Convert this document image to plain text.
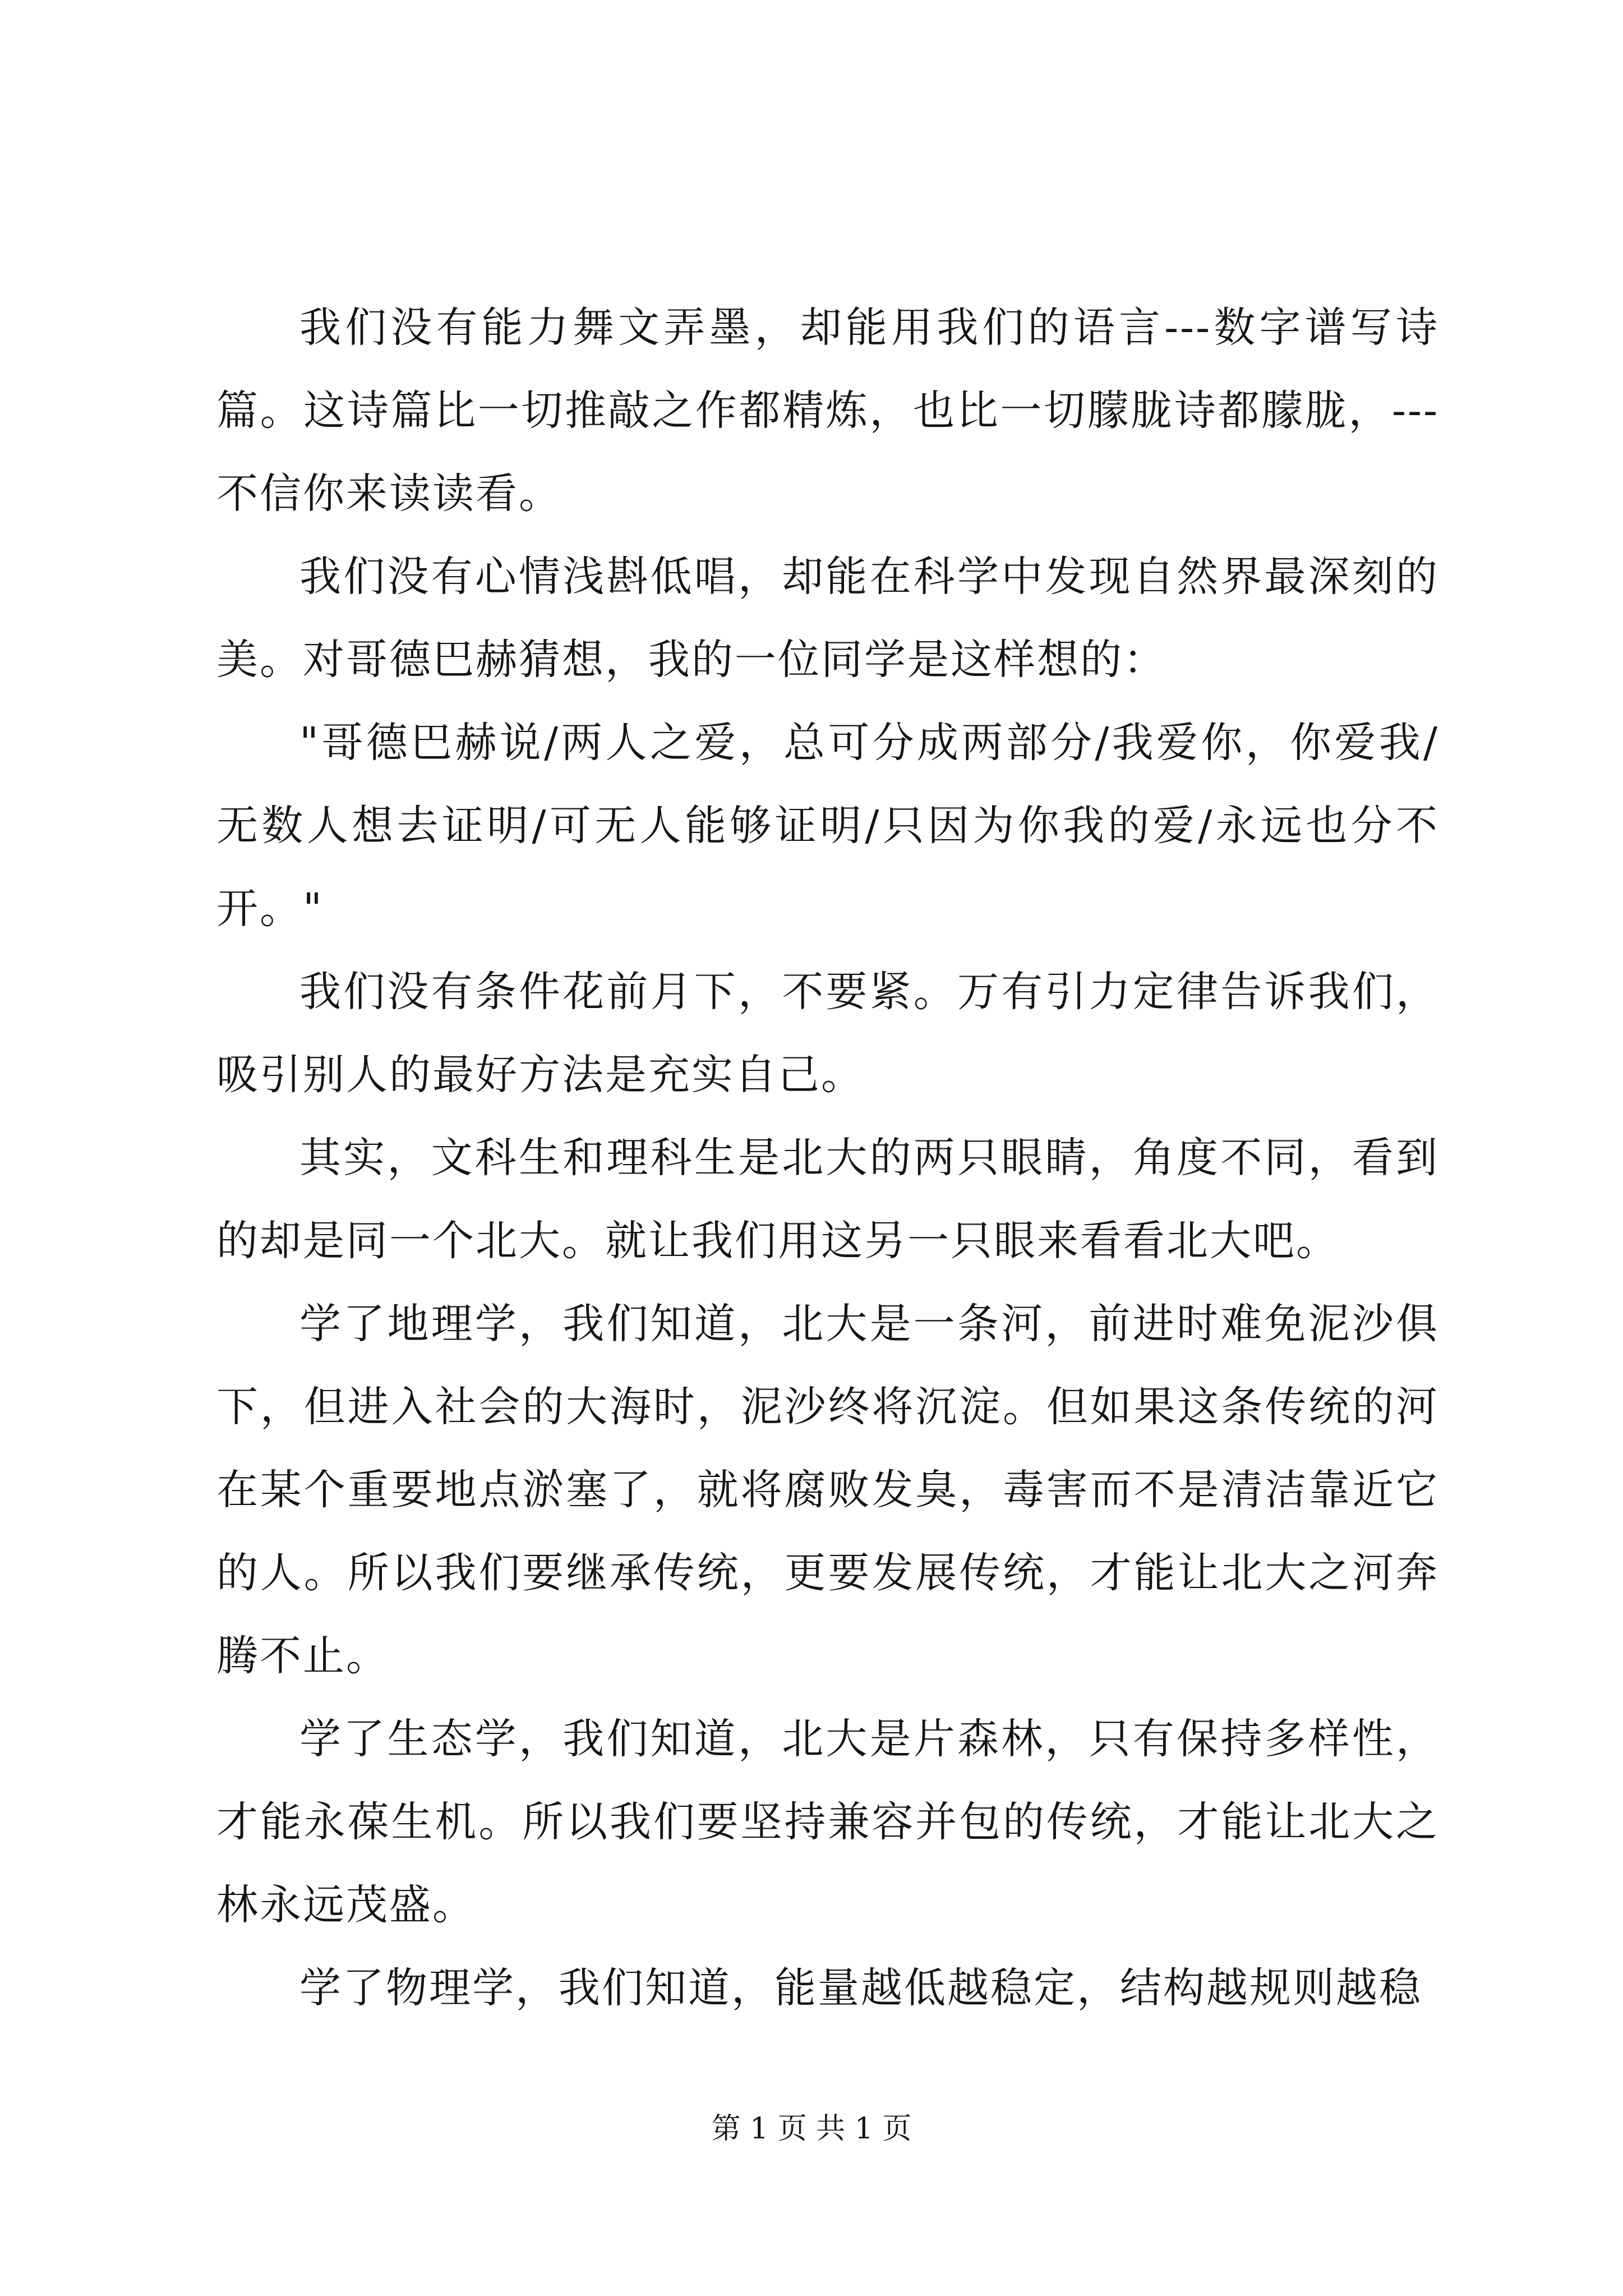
我们没有能力舞文弄墨，却能用我们的语言---数字谱写诗篇。这诗篇比一切推敲之作都精炼，也比一切朦胧诗都朦胧，---不信你来读读看。

我们没有心情浅斟低唱，却能在科学中发现自然界最深刻的美。对哥德巴赫猜想，我的一位同学是这样想的：

"哥德巴赫说/两人之爱，总可分成两部分/我爱你，你爱我/无数人想去证明/可无人能够证明/只因为你我的爱/永远也分不开。"

我们没有条件花前月下，不要紧。万有引力定律告诉我们，吸引别人的最好方法是充实自己。

其实，文科生和理科生是北大的两只眼睛，角度不同，看到的却是同一个北大。就让我们用这另一只眼来看看北大吧。

学了地理学，我们知道，北大是一条河，前进时难免泥沙俱下，但进入社会的大海时，泥沙终将沉淀。但如果这条传统的河在某个重要地点淤塞了，就将腐败发臭，毒害而不是清洁靠近它的人。所以我们要继承传统，更要发展传统，才能让北大之河奔腾不止。

学了生态学，我们知道，北大是片森林，只有保持多样性，才能永葆生机。所以我们要坚持兼容并包的传统，才能让北大之林永远茂盛。

学了物理学，我们知道，能量越低越稳定，结构越规则越稳

第 1 页 共 1 页
